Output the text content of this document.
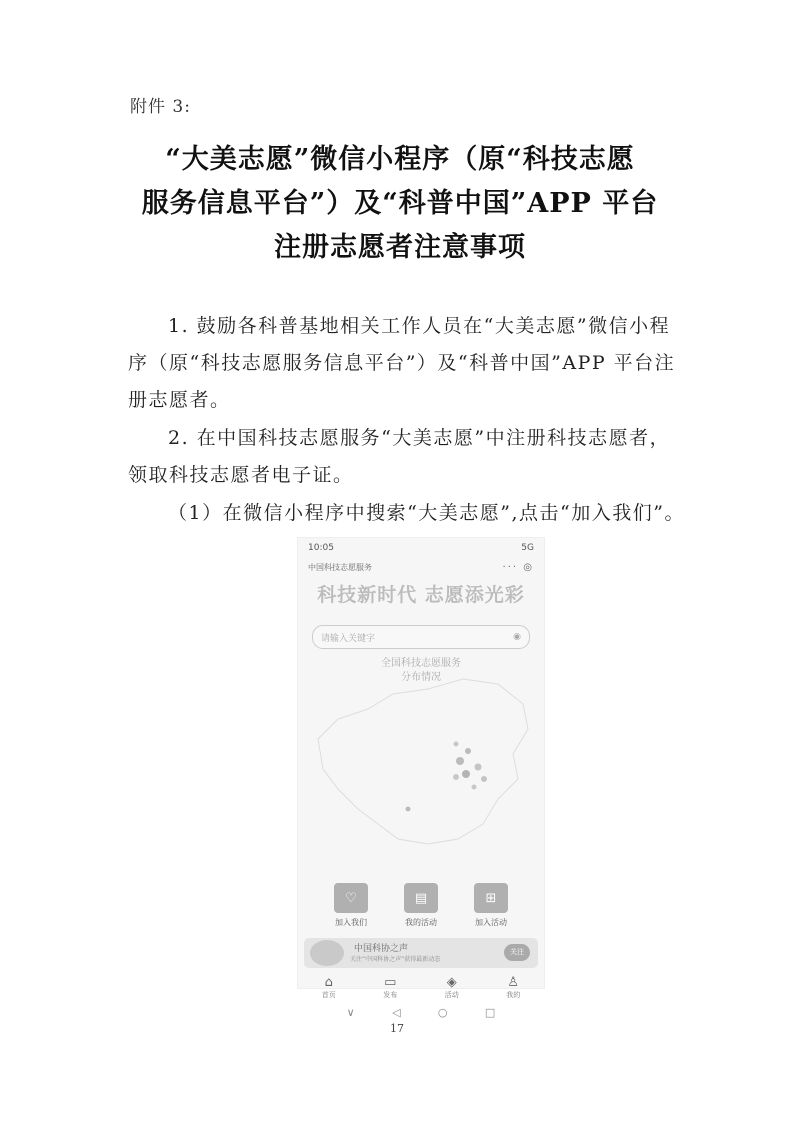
附件 3:
“大美志愿”微信小程序（原“科技志愿
服务信息平台”）及“科普中国”APP 平台
注册志愿者注意事项
1. 鼓励各科普基地相关工作人员在“大美志愿”微信小程序（原“科技志愿服务信息平台”）及“科普中国”APP 平台注册志愿者。
2. 在中国科技志愿服务“大美志愿”中注册科技志愿者，领取科技志愿者电子证。
（1）在微信小程序中搜索“大美志愿”,点击“加入我们”。
10:05	5G
中国科技志愿服务	··· ◎
科技新时代 志愿添光彩
请输入关键字	◉
全国科技志愿服务
分布情况
♡
加入我们
▤
我的活动
⊞
加入活动
中国科协之声
关注“中国科协之声”获得最新动态
关注
⌂
首页
▭
发布
◈
活动
♙
我的
∨	◁	○	□
17
